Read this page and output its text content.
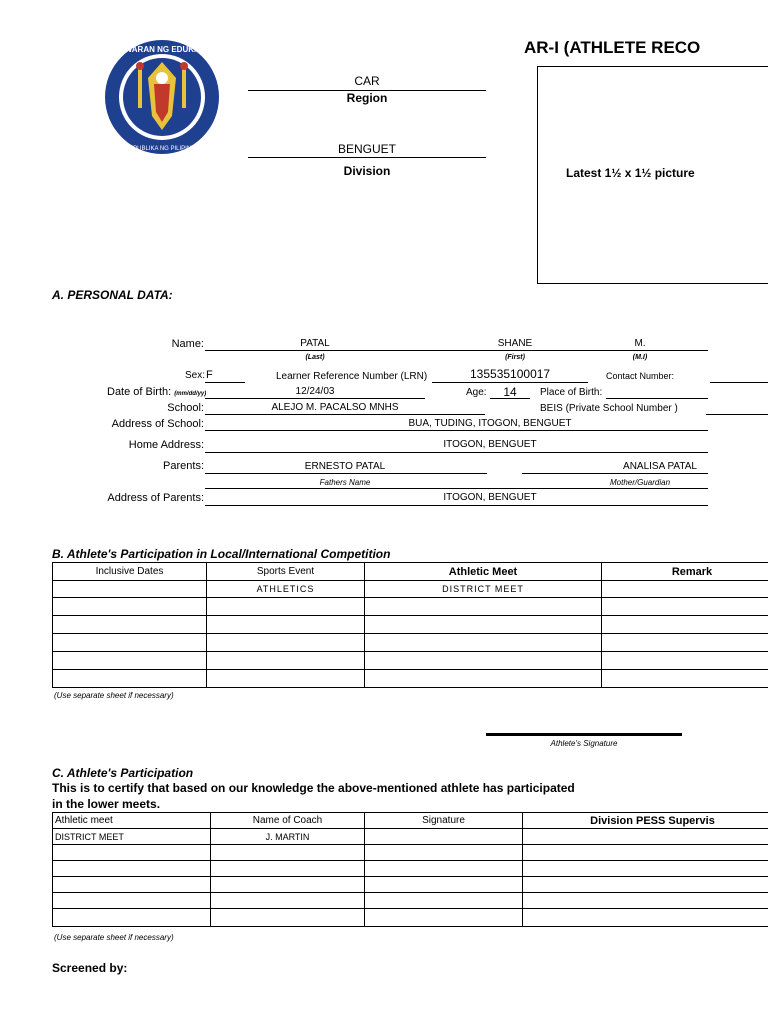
KAGAWARAN NG EDUKASYON
REPUBLIKA NG PILIPINAS
AR-I (ATHLETE RECO
CAR
Region
BENGUET
Division	Latest 1½ x 1½ picture
A. PERSONAL DATA:
Name:	PATAL	SHANE	M.
(Last)	(First)	(M.I)
Sex: F	Learner Reference Number (LRN)	135535100017	Contact Number:
Date of Birth: (mm/dd/yy)	12/24/03	Age:	14	Place of Birth:
School:	ALEJO M. PACALSO MNHS	BEIS (Private School Number )
Address of School:	BUA, TUDING, ITOGON, BENGUET
Home Address:	ITOGON, BENGUET
Parents:	ERNESTO PATAL	ANALISA PATAL
Fathers Name	Mother/Guardian
Address of Parents:	ITOGON, BENGUET
B. Athlete's Participation in Local/International Competition
Inclusive Dates	Sports Event	Athletic Meet	Remark
	ATHLETICS	DISTRICT MEET	

(Use separate sheet if necessary)
Athlete's Signature
C. Athlete's Participation
This is to certify that based on our knowledge the above-mentioned athlete has participated
in the lower meets.
Athletic meet	Name of Coach	Signature	Division PESS Supervis
DISTRICT MEET	J. MARTIN		

(Use separate sheet if necessary)
Screened by:
